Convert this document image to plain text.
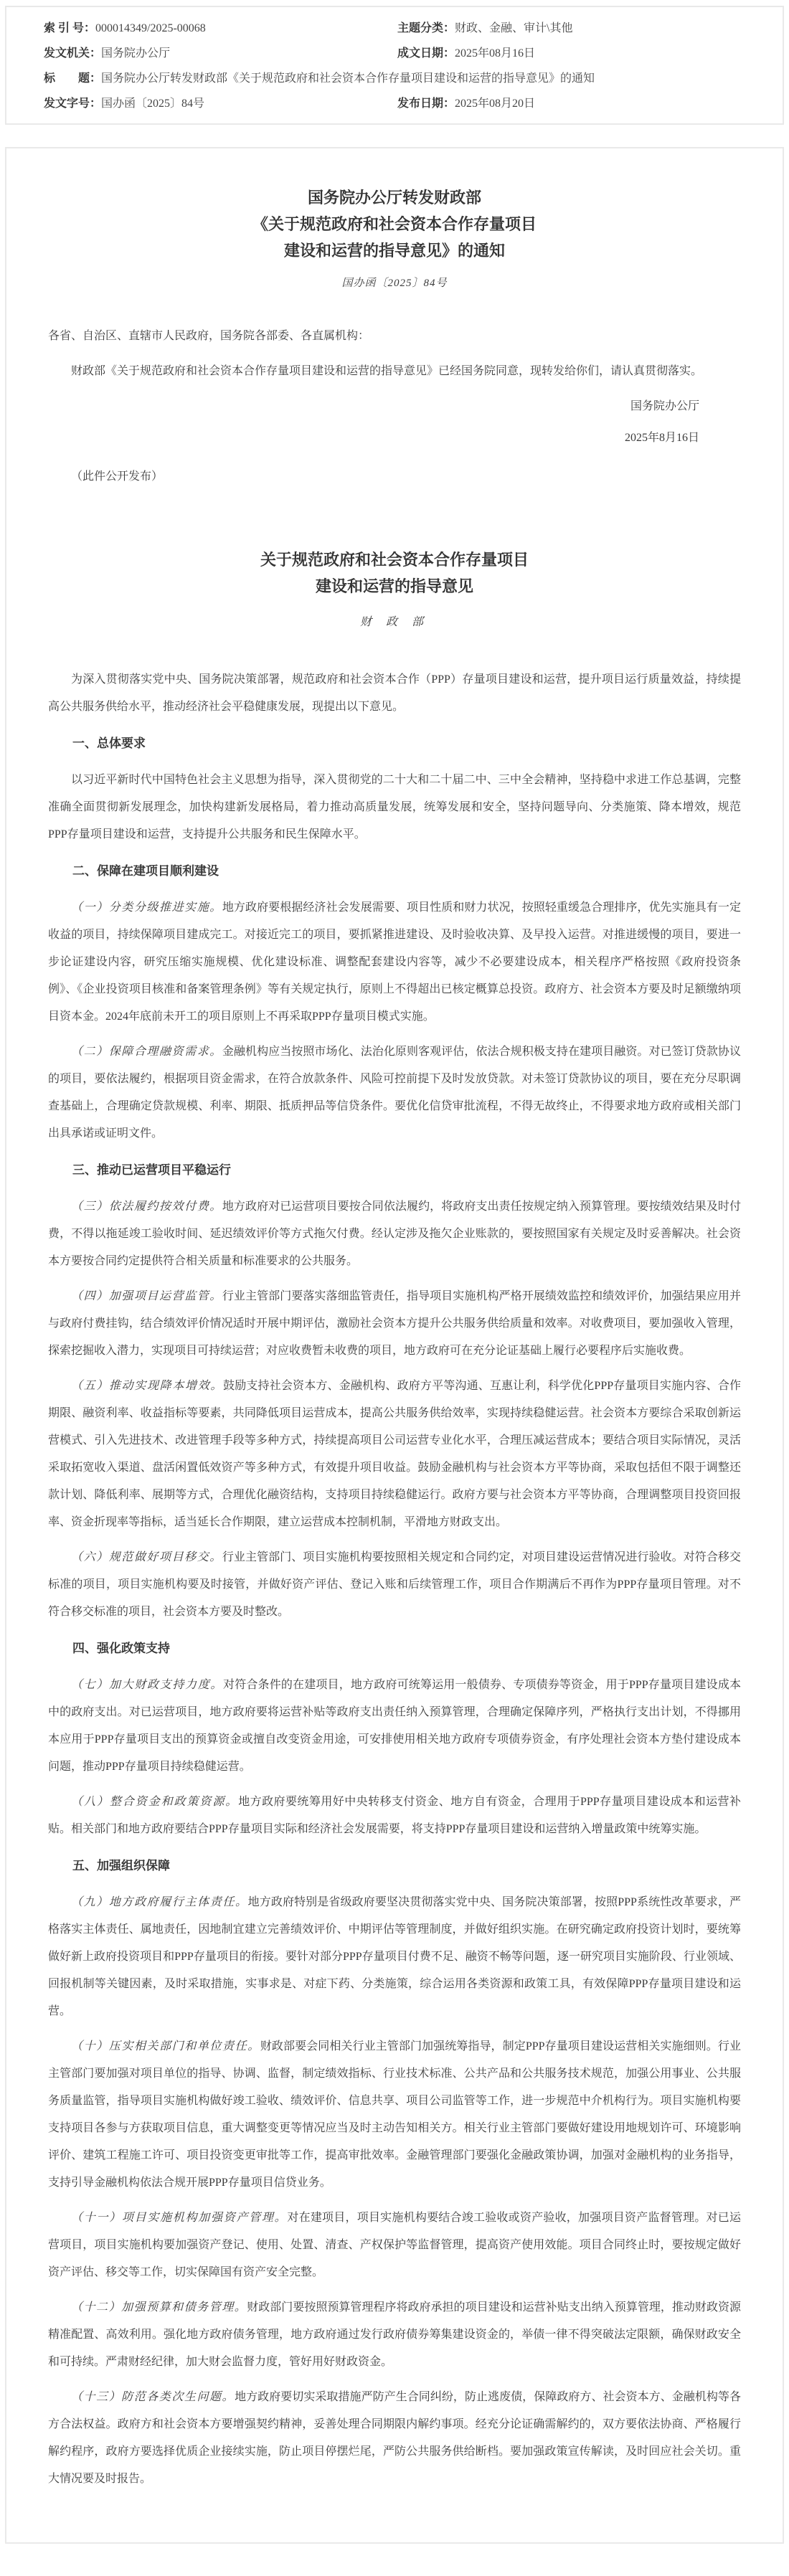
索 引 号： 000014349/2025-00068	主题分类： 财政、金融、审计\其他
发文机关： 国务院办公厅	成文日期： 2025年08月16日
标　　题： 国务院办公厅转发财政部《关于规范政府和社会资本合作存量项目建设和运营的指导意见》的通知
发文字号： 国办函〔2025〕84号	发布日期： 2025年08月20日
国务院办公厅转发财政部
《关于规范政府和社会资本合作存量项目
建设和运营的指导意见》的通知
国办函〔2025〕84号

各省、自治区、直辖市人民政府，国务院各部委、各直属机构：

财政部《关于规范政府和社会资本合作存量项目建设和运营的指导意见》已经国务院同意，现转发给你们，请认真贯彻落实。

国务院办公厅

2025年8月16日

（此件公开发布）

关于规范政府和社会资本合作存量项目
建设和运营的指导意见
财 政 部

为深入贯彻落实党中央、国务院决策部署，规范政府和社会资本合作（PPP）存量项目建设和运营，提升项目运行质量效益，持续提高公共服务供给水平，推动经济社会平稳健康发展，现提出以下意见。

一、总体要求

以习近平新时代中国特色社会主义思想为指导，深入贯彻党的二十大和二十届二中、三中全会精神，坚持稳中求进工作总基调，完整准确全面贯彻新发展理念，加快构建新发展格局，着力推动高质量发展，统筹发展和安全，坚持问题导向、分类施策、降本增效，规范PPP存量项目建设和运营，支持提升公共服务和民生保障水平。

二、保障在建项目顺利建设

（一）分类分级推进实施。地方政府要根据经济社会发展需要、项目性质和财力状况，按照轻重缓急合理排序，优先实施具有一定收益的项目，持续保障项目建成完工。对接近完工的项目，要抓紧推进建设、及时验收决算、及早投入运营。对推进缓慢的项目，要进一步论证建设内容，研究压缩实施规模、优化建设标准、调整配套建设内容等，减少不必要建设成本，相关程序严格按照《政府投资条例》、《企业投资项目核准和备案管理条例》等有关规定执行，原则上不得超出已核定概算总投资。政府方、社会资本方要及时足额缴纳项目资本金。2024年底前未开工的项目原则上不再采取PPP存量项目模式实施。

（二）保障合理融资需求。金融机构应当按照市场化、法治化原则客观评估，依法合规积极支持在建项目融资。对已签订贷款协议的项目，要依法履约，根据项目资金需求，在符合放款条件、风险可控前提下及时发放贷款。对未签订贷款协议的项目，要在充分尽职调查基础上，合理确定贷款规模、利率、期限、抵质押品等信贷条件。要优化信贷审批流程，不得无故终止，不得要求地方政府或相关部门出具承诺或证明文件。

三、推动已运营项目平稳运行

（三）依法履约按效付费。地方政府对已运营项目要按合同依法履约，将政府支出责任按规定纳入预算管理。要按绩效结果及时付费，不得以拖延竣工验收时间、延迟绩效评价等方式拖欠付费。经认定涉及拖欠企业账款的，要按照国家有关规定及时妥善解决。社会资本方要按合同约定提供符合相关质量和标准要求的公共服务。

（四）加强项目运营监管。行业主管部门要落实落细监管责任，指导项目实施机构严格开展绩效监控和绩效评价，加强结果应用并与政府付费挂钩，结合绩效评价情况适时开展中期评估，激励社会资本方提升公共服务供给质量和效率。对收费项目，要加强收入管理，探索挖掘收入潜力，实现项目可持续运营；对应收费暂未收费的项目，地方政府可在充分论证基础上履行必要程序后实施收费。

（五）推动实现降本增效。鼓励支持社会资本方、金融机构、政府方平等沟通、互惠让利，科学优化PPP存量项目实施内容、合作期限、融资利率、收益指标等要素，共同降低项目运营成本，提高公共服务供给效率，实现持续稳健运营。社会资本方要综合采取创新运营模式、引入先进技术、改进管理手段等多种方式，持续提高项目公司运营专业化水平，合理压减运营成本；要结合项目实际情况，灵活采取拓宽收入渠道、盘活闲置低效资产等多种方式，有效提升项目收益。鼓励金融机构与社会资本方平等协商，采取包括但不限于调整还款计划、降低利率、展期等方式，合理优化融资结构，支持项目持续稳健运行。政府方要与社会资本方平等协商，合理调整项目投资回报率、资金折现率等指标，适当延长合作期限，建立运营成本控制机制，平滑地方财政支出。

（六）规范做好项目移交。行业主管部门、项目实施机构要按照相关规定和合同约定，对项目建设运营情况进行验收。对符合移交标准的项目，项目实施机构要及时接管，并做好资产评估、登记入账和后续管理工作，项目合作期满后不再作为PPP存量项目管理。对不符合移交标准的项目，社会资本方要及时整改。

四、强化政策支持

（七）加大财政支持力度。对符合条件的在建项目，地方政府可统筹运用一般债券、专项债券等资金，用于PPP存量项目建设成本中的政府支出。对已运营项目，地方政府要将运营补贴等政府支出责任纳入预算管理，合理确定保障序列，严格执行支出计划，不得挪用本应用于PPP存量项目支出的预算资金或擅自改变资金用途，可安排使用相关地方政府专项债券资金，有序处理社会资本方垫付建设成本问题，推动PPP存量项目持续稳健运营。

（八）整合资金和政策资源。地方政府要统筹用好中央转移支付资金、地方自有资金，合理用于PPP存量项目建设成本和运营补贴。相关部门和地方政府要结合PPP存量项目实际和经济社会发展需要，将支持PPP存量项目建设和运营纳入增量政策中统筹实施。

五、加强组织保障

（九）地方政府履行主体责任。地方政府特别是省级政府要坚决贯彻落实党中央、国务院决策部署，按照PPP系统性改革要求，严格落实主体责任、属地责任，因地制宜建立完善绩效评价、中期评估等管理制度，并做好组织实施。在研究确定政府投资计划时，要统筹做好新上政府投资项目和PPP存量项目的衔接。要针对部分PPP存量项目付费不足、融资不畅等问题，逐一研究项目实施阶段、行业领域、回报机制等关键因素，及时采取措施，实事求是、对症下药、分类施策，综合运用各类资源和政策工具，有效保障PPP存量项目建设和运营。

（十）压实相关部门和单位责任。财政部要会同相关行业主管部门加强统筹指导，制定PPP存量项目建设运营相关实施细则。行业主管部门要加强对项目单位的指导、协调、监督，制定绩效指标、行业技术标准、公共产品和公共服务技术规范，加强公用事业、公共服务质量监管，指导项目实施机构做好竣工验收、绩效评价、信息共享、项目公司监管等工作，进一步规范中介机构行为。项目实施机构要支持项目各参与方获取项目信息，重大调整变更等情况应当及时主动告知相关方。相关行业主管部门要做好建设用地规划许可、环境影响评价、建筑工程施工许可、项目投资变更审批等工作，提高审批效率。金融管理部门要强化金融政策协调，加强对金融机构的业务指导，支持引导金融机构依法合规开展PPP存量项目信贷业务。

（十一）项目实施机构加强资产管理。对在建项目，项目实施机构要结合竣工验收或资产验收，加强项目资产监督管理。对已运营项目，项目实施机构要加强资产登记、使用、处置、清查、产权保护等监督管理，提高资产使用效能。项目合同终止时，要按规定做好资产评估、移交等工作，切实保障国有资产安全完整。

（十二）加强预算和债务管理。财政部门要按照预算管理程序将政府承担的项目建设和运营补贴支出纳入预算管理，推动财政资源精准配置、高效利用。强化地方政府债务管理，地方政府通过发行政府债券筹集建设资金的，举债一律不得突破法定限额，确保财政安全和可持续。严肃财经纪律，加大财会监督力度，管好用好财政资金。

（十三）防范各类次生问题。地方政府要切实采取措施严防产生合同纠纷，防止逃废债，保障政府方、社会资本方、金融机构等各方合法权益。政府方和社会资本方要增强契约精神，妥善处理合同期限内解约事项。经充分论证确需解约的，双方要依法协商、严格履行解约程序，政府方要选择优质企业接续实施，防止项目停摆烂尾，严防公共服务供给断档。要加强政策宣传解读，及时回应社会关切。重大情况要及时报告。
